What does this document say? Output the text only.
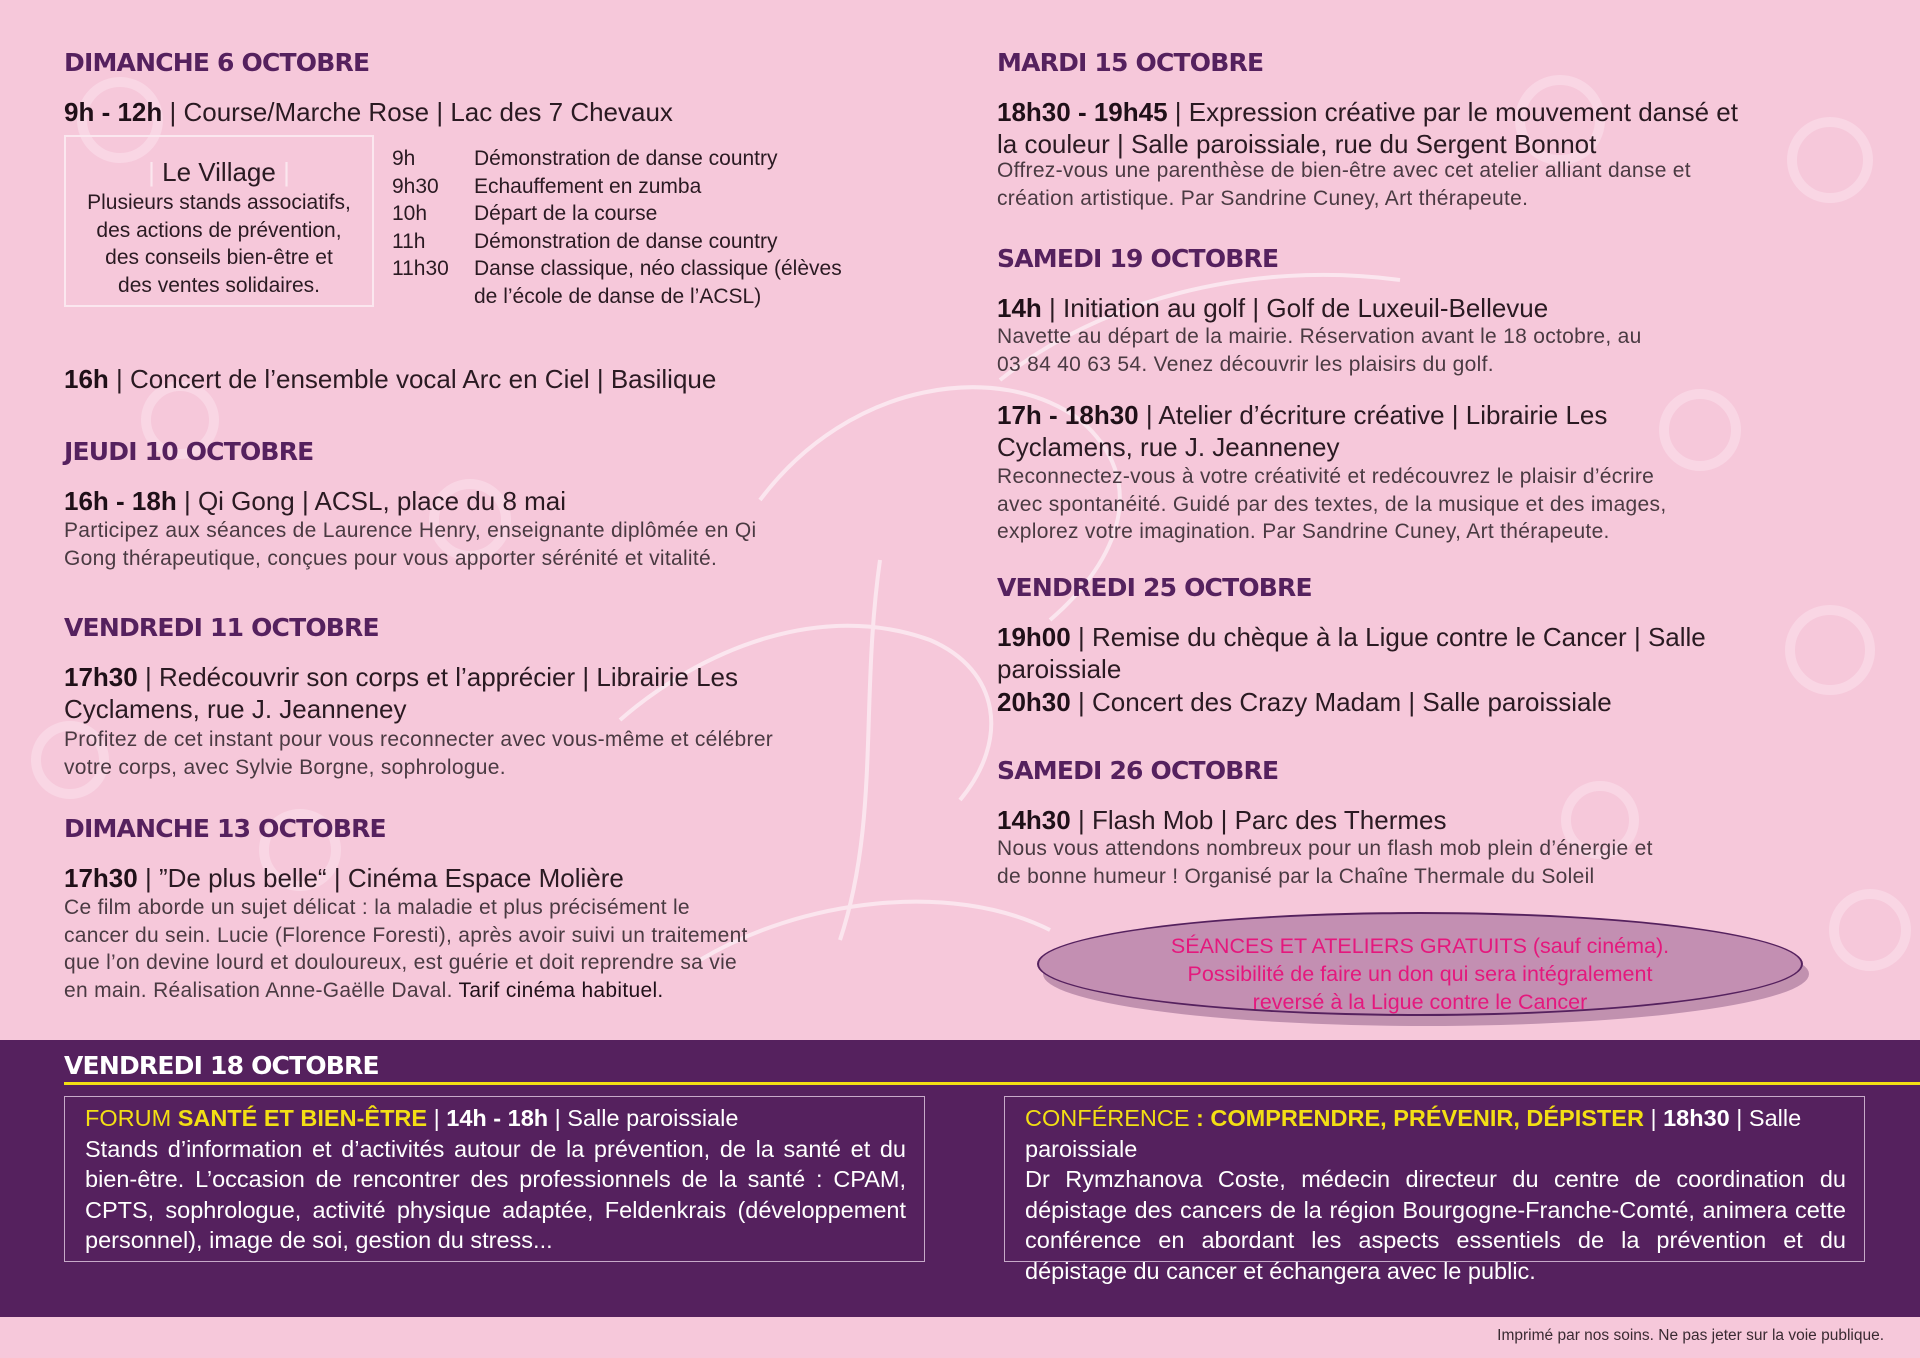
DIMANCHE 6 OCTOBRE
9h - 12h | Course/Marche Rose | Lac des 7 Chevaux
| Le Village |
Plusieurs stands associatifs,
des actions de prévention,
des conseils bien-être et
des ventes solidaires.
9h	Démonstration de danse country
9h30	Echauffement en zumba
10h	Départ de la course
11h	Démonstration de danse country
11h30	Danse classique, néo classique (élèves
de l’école de danse de l’ACSL)
16h | Concert de l’ensemble vocal Arc en Ciel | Basilique
JEUDI 10 OCTOBRE
16h - 18h | Qi Gong | ACSL, place du 8 mai
Participez aux séances de Laurence Henry, enseignante diplômée en Qi
Gong thérapeutique, conçues pour vous apporter sérénité et vitalité.
VENDREDI 11 OCTOBRE
17h30 | Redécouvrir son corps et l’apprécier | Librairie Les
Cyclamens, rue J. Jeanneney
Profitez de cet instant pour vous reconnecter avec vous-même et célébrer
votre corps, avec Sylvie Borgne, sophrologue.
DIMANCHE 13 OCTOBRE
17h30 | ”De plus belle“ | Cinéma Espace Molière
Ce film aborde un sujet délicat : la maladie et plus précisément le
cancer du sein. Lucie (Florence Foresti), après avoir suivi un traitement
que l’on devine lourd et douloureux, est guérie et doit reprendre sa vie
en main. Réalisation Anne-Gaëlle Daval. Tarif cinéma habituel.
MARDI 15 OCTOBRE
18h30 - 19h45 | Expression créative par le mouvement dansé et
la couleur | Salle paroissiale, rue du Sergent Bonnot
Offrez-vous une parenthèse de bien-être avec cet atelier alliant danse et
création artistique. Par Sandrine Cuney, Art thérapeute.
SAMEDI 19 OCTOBRE
14h | Initiation au golf | Golf de Luxeuil-Bellevue
Navette au départ de la mairie. Réservation avant le 18 octobre, au
03 84 40 63 54. Venez découvrir les plaisirs du golf.
17h - 18h30 | Atelier d’écriture créative | Librairie Les
Cyclamens, rue J. Jeanneney
Reconnectez-vous à votre créativité et redécouvrez le plaisir d’écrire
avec spontanéité. Guidé par des textes, de la musique et des images,
explorez votre imagination. Par Sandrine Cuney, Art thérapeute.
VENDREDI 25 OCTOBRE
19h00 | Remise du chèque à la Ligue contre le Cancer | Salle
paroissiale
20h30 | Concert des Crazy Madam | Salle paroissiale
SAMEDI 26 OCTOBRE
14h30 | Flash Mob | Parc des Thermes
Nous vous attendons nombreux pour un flash mob plein d’énergie et
de bonne humeur ! Organisé par la Chaîne Thermale du Soleil
SÉANCES ET ATELIERS GRATUITS (sauf cinéma).
Possibilité de faire un don qui sera intégralement
reversé à la Ligue contre le Cancer
VENDREDI 18 OCTOBRE
FORUM SANTÉ ET BIEN-ÊTRE | 14h - 18h | Salle paroissiale
Stands d’information et d’activités autour de la prévention, de la santé et du bien-être. L’occasion de rencontrer des professionnels de la santé : CPAM, CPTS, sophrologue, activité physique adaptée, Feldenkrais (développement personnel), image de soi, gestion du stress...
CONFÉRENCE : COMPRENDRE, PRÉVENIR, DÉPISTER | 18h30 | Salle paroissiale
Dr Rymzhanova Coste, médecin directeur du centre de coordination du dépistage des cancers de la région Bourgogne-Franche-Comté, animera cette conférence en abordant les aspects essentiels de la prévention et du dépistage du cancer et échangera avec le public.
Imprimé par nos soins. Ne pas jeter sur la voie publique.
